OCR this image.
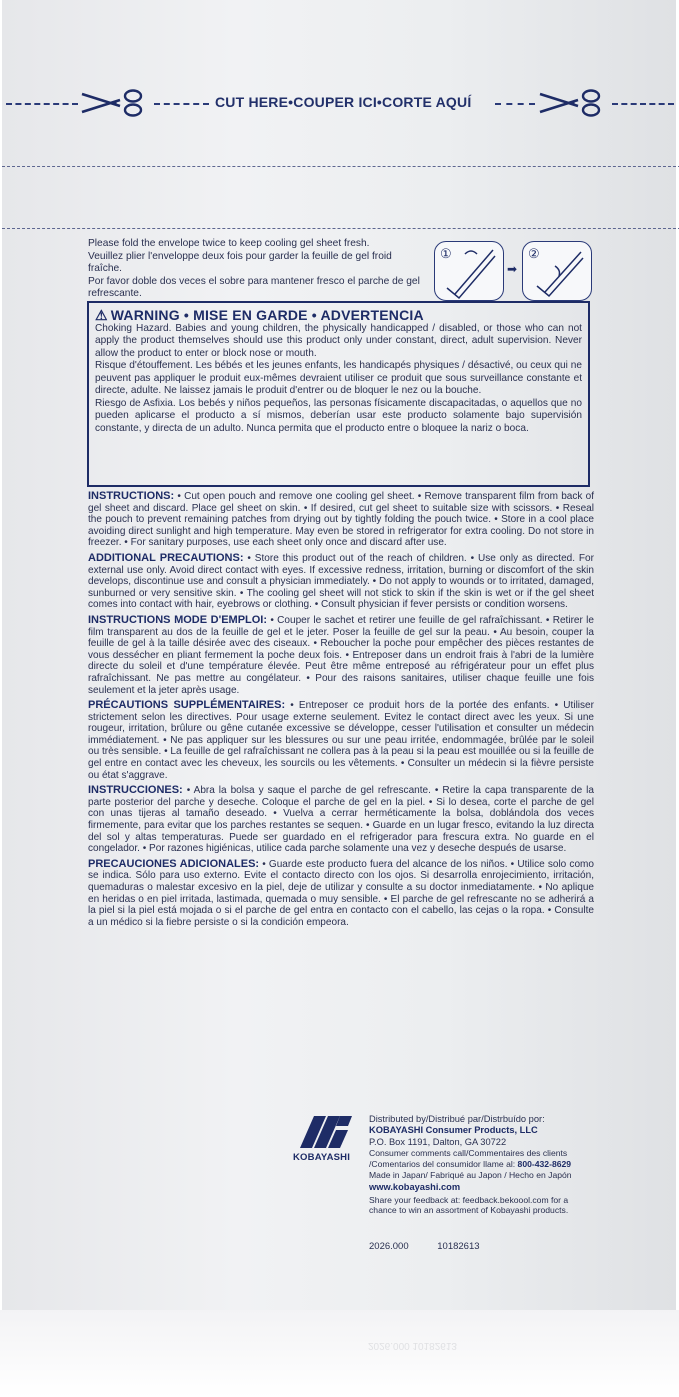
CUT HERE•COUPER ICI•CORTE AQUÍ
Please fold the envelope twice to keep cooling gel sheet fresh.
Veuillez plier l'enveloppe deux fois pour garder la feuille de gel froid fraîche.
Por favor doble dos veces el sobre para mantener fresco el parche de gel refrescante.
①
➡
②
⚠ WARNING • MISE EN GARDE • ADVERTENCIA

Choking Hazard. Babies and young children, the physically handicapped / disabled, or those who can not apply the product themselves should use this product only under constant, direct, adult supervision. Never allow the product to enter or block nose or mouth.

Risque d'étouffement. Les bébés et les jeunes enfants, les handicapés physiques / désactivé, ou ceux qui ne peuvent pas appliquer le produit eux-mêmes devraient utiliser ce produit que sous surveillance constante et directe, adulte. Ne laissez jamais le produit d'entrer ou de bloquer le nez ou la bouche.

Riesgo de Asfixia. Los bebés y niños pequeños, las personas físicamente discapacitadas, o aquellos que no pueden aplicarse el producto a sí mismos, deberían usar este producto solamente bajo supervisión constante, y directa de un adulto. Nunca permita que el producto entre o bloquee la nariz o boca.

INSTRUCTIONS: • Cut open pouch and remove one cooling gel sheet. • Remove transparent film from back of gel sheet and discard. Place gel sheet on skin. • If desired, cut gel sheet to suitable size with scissors. • Reseal the pouch to prevent remaining patches from drying out by tightly folding the pouch twice. • Store in a cool place avoiding direct sunlight and high temperature. May even be stored in refrigerator for extra cooling. Do not store in freezer. • For sanitary purposes, use each sheet only once and discard after use.

ADDITIONAL PRECAUTIONS: • Store this product out of the reach of children. • Use only as directed. For external use only. Avoid direct contact with eyes. If excessive redness, irritation, burning or discomfort of the skin develops, discontinue use and consult a physician immediately. • Do not apply to wounds or to irritated, damaged, sunburned or very sensitive skin. • The cooling gel sheet will not stick to skin if the skin is wet or if the gel sheet comes into contact with hair, eyebrows or clothing. • Consult physician if fever persists or condition worsens.

INSTRUCTIONS MODE D'EMPLOI: • Couper le sachet et retirer une feuille de gel rafraîchissant. • Retirer le film transparent au dos de la feuille de gel et le jeter. Poser la feuille de gel sur la peau. • Au besoin, couper la feuille de gel à la taille désirée avec des ciseaux. • Reboucher la poche pour empêcher des pièces restantes de vous dessécher en pliant fermement la poche deux fois. • Entreposer dans un endroit frais à l'abri de la lumière directe du soleil et d'une température élevée. Peut être même entreposé au réfrigérateur pour un effet plus rafraîchissant. Ne pas mettre au congélateur. • Pour des raisons sanitaires, utiliser chaque feuille une fois seulement et la jeter après usage.

PRÉCAUTIONS SUPPLÉMENTAIRES: • Entreposer ce produit hors de la portée des enfants. • Utiliser strictement selon les directives. Pour usage externe seulement. Evitez le contact direct avec les yeux. Si une rougeur, irritation, brûlure ou gêne cutanée excessive se développe, cesser l'utilisation et consulter un médecin immédiatement. • Ne pas appliquer sur les blessures ou sur une peau irritée, endommagée, brûlée par le soleil ou très sensible. • La feuille de gel rafraîchissant ne collera pas à la peau si la peau est mouillée ou si la feuille de gel entre en contact avec les cheveux, les sourcils ou les vêtements. • Consulter un médecin si la fièvre persiste ou état s'aggrave.

INSTRUCCIONES: • Abra la bolsa y saque el parche de gel refrescante. • Retire la capa transparente de la parte posterior del parche y deseche. Coloque el parche de gel en la piel. • Si lo desea, corte el parche de gel con unas tijeras al tamaño deseado. • Vuelva a cerrar herméticamente la bolsa, doblándola dos veces firmemente, para evitar que los parches restantes se sequen. • Guarde en un lugar fresco, evitando la luz directa del sol y altas temperaturas. Puede ser guardado en el refrigerador para frescura extra. No guarde en el congelador. • Por razones higiénicas, utilice cada parche solamente una vez y deseche después de usarse.

PRECAUCIONES ADICIONALES: • Guarde este producto fuera del alcance de los niños. • Utilice solo como se indica. Sólo para uso externo. Evite el contacto directo con los ojos. Si desarrolla enrojecimiento, irritación, quemaduras o malestar excesivo en la piel, deje de utilizar y consulte a su doctor inmediatamente. • No aplique en heridas o en piel irritada, lastimada, quemada o muy sensible. • El parche de gel refrescante no se adherirá a la piel si la piel está mojada o si el parche de gel entra en contacto con el cabello, las cejas o la ropa. • Consulte a un médico si la fiebre persiste o si la condición empeora.

KOBAYASHI
Distributed by/Distribué par/Distrbuído por:
KOBAYASHI Consumer Products, LLC
P.O. Box 1191, Dalton, GA 30722
Consumer comments call/Commentaires des clients
/Comentarios del consumidor llame al: 800-432-8629
Made in Japan/ Fabriqué au Japon / Hecho en Japón
www.kobayashi.com
Share your feedback at: feedback.bekoool.com for a
chance to win an assortment of Kobayashi products.
2026.000	10182613
2026.000 10182613
